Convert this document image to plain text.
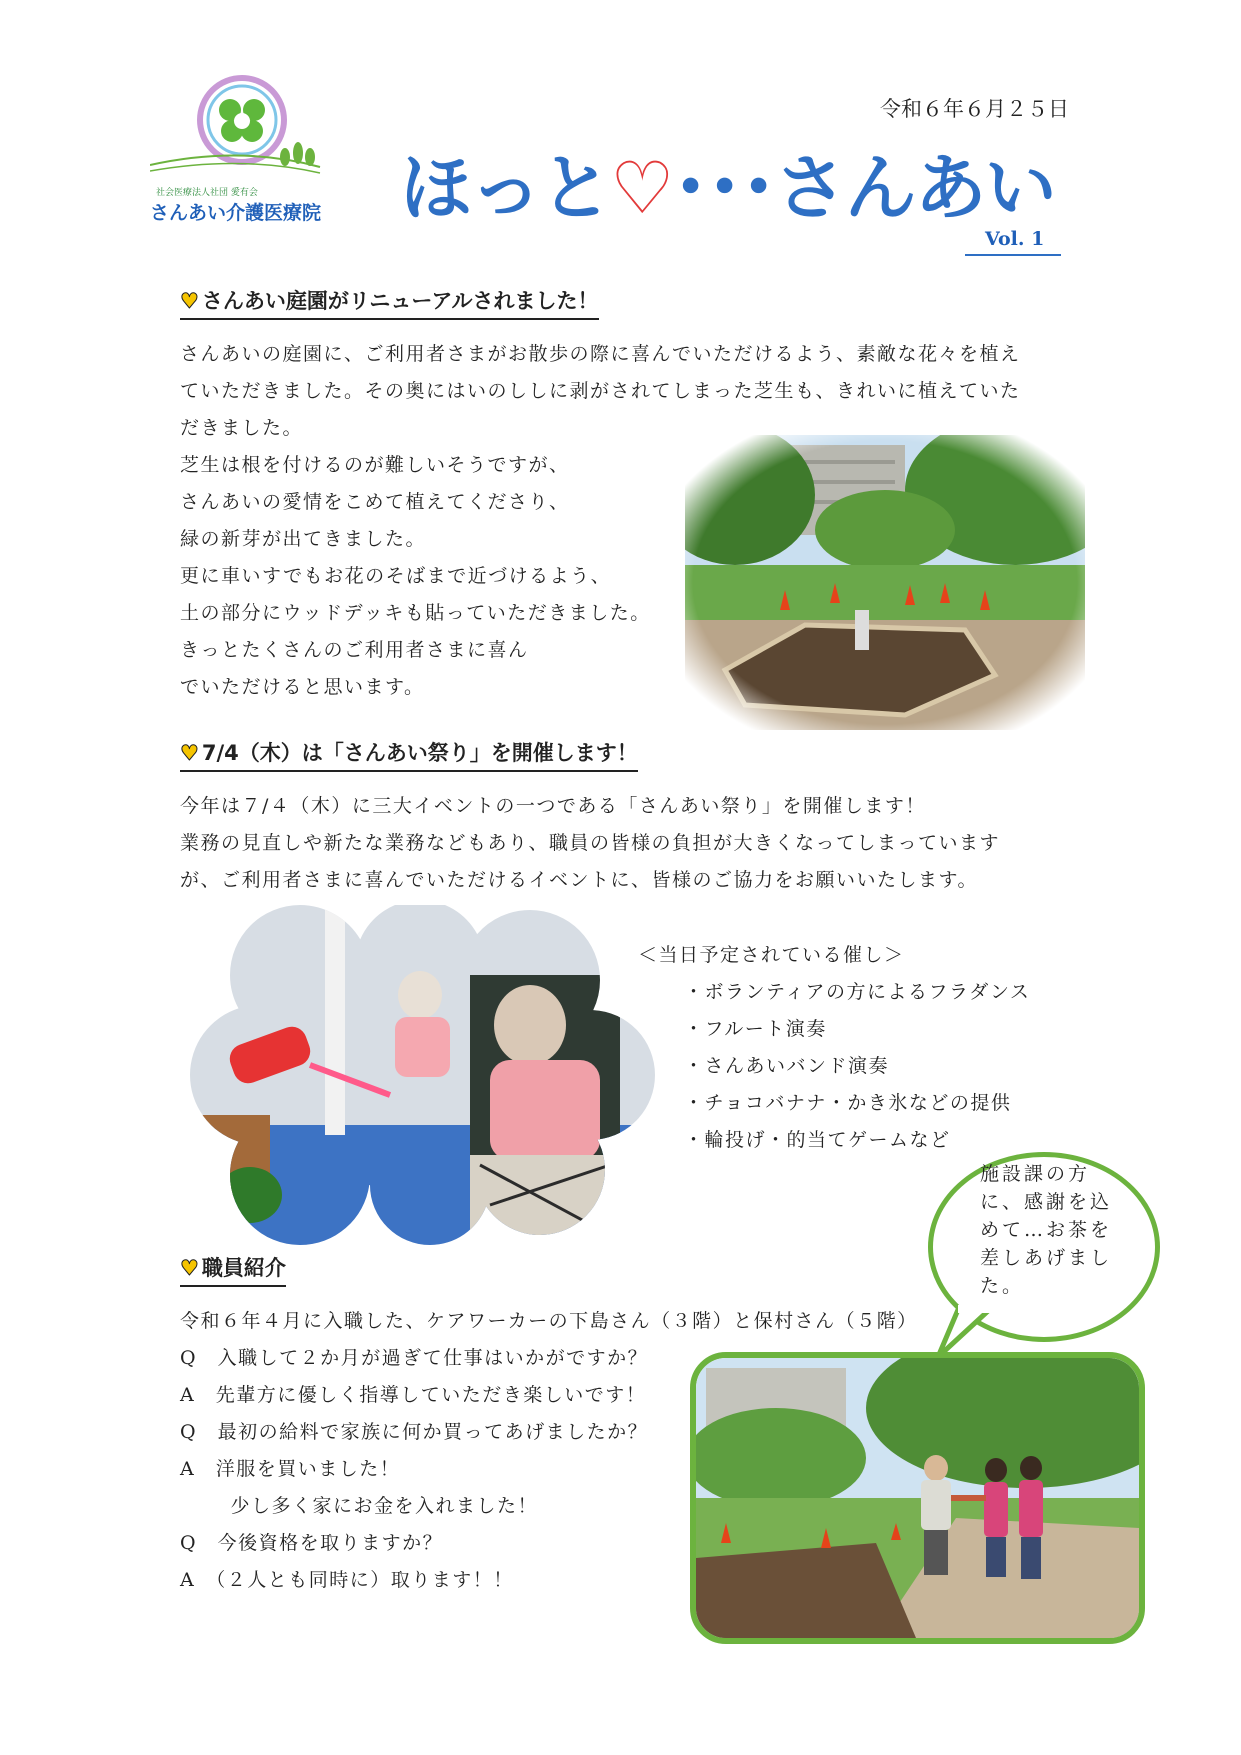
社会医療法人社団 愛有会
さんあい介護医療院
令和６年６月２５日
ほっと♡･･･さんあい
Vol. 1
♥ さんあい庭園がリニューアルされました！
さんあいの庭園に、ご利用者さまがお散歩の際に喜んでいただけるよう、素敵な花々を植え
ていただきました。その奥にはいのししに剥がされてしまった芝生も、きれいに植えていた
だきました。
芝生は根を付けるのが難しいそうですが、
さんあいの愛情をこめて植えてくださり、
緑の新芽が出てきました。
更に車いすでもお花のそばまで近づけるよう、
土の部分にウッドデッキも貼っていただきました。
きっとたくさんのご利用者さまに喜ん
でいただけると思います。
♥ 7/4（木）は「さんあい祭り」を開催します！
今年は７/４（木）に三大イベントの一つである「さんあい祭り」を開催します！
業務の見直しや新たな業務などもあり、職員の皆様の負担が大きくなってしまっています
が、ご利用者さまに喜んでいただけるイベントに、皆様のご協力をお願いいたします。
＜当日予定されている催し＞
・ボランティアの方によるフラダンス
・フルート演奏
・さんあいバンド演奏
・チョコバナナ・かき氷などの提供
・輪投げ・的当てゲームなど
施設課の方に、感謝を込めて…お茶を差しあげました。
♥ 職員紹介
令和６年４月に入職した、ケアワーカーの下島さん（３階）と保村さん（５階）
Q　入職して２か月が過ぎて仕事はいかがですか？
A　先輩方に優しく指導していただき楽しいです！
Q　最初の給料で家族に何か買ってあげましたか？
A　洋服を買いました！
　少し多く家にお金を入れました！
Q　今後資格を取りますか？
A　（２人とも同時に）取ります！！
